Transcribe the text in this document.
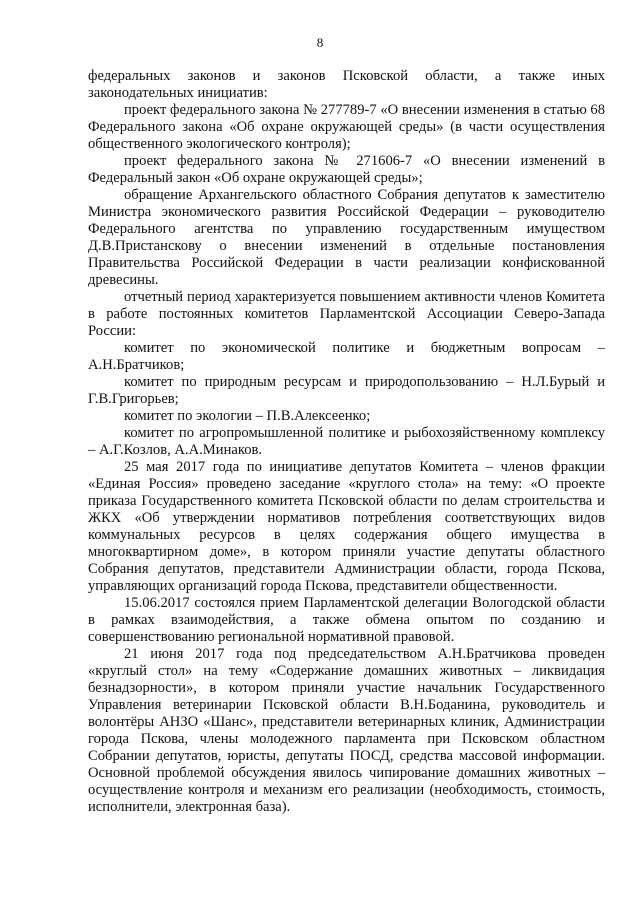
8

федеральных законов и законов Псковской области, а также иных законодательных инициатив:

проект федерального закона № 277789-7 «О внесении изменения в статью 68 Федерального закона «Об охране окружающей среды» (в части осуществления общественного экологического контроля);

проект федерального закона № 271606-7 «О внесении изменений в Федеральный закон «Об охране окружающей среды»;

обращение Архангельского областного Собрания депутатов к заместителю Министра экономического развития Российской Федерации – руководителю Федерального агентства по управлению государственным имуществом Д.В.Пристанскову о внесении изменений в отдельные постановления Правительства Российской Федерации в части реализации конфискованной древесины.

отчетный период характеризуется повышением активности членов Комитета в работе постоянных комитетов Парламентской Ассоциации Северо-Запада России:

комитет по экономической политике и бюджетным вопросам – А.Н.Братчиков;

комитет по природным ресурсам и природопользованию – Н.Л.Бурый и Г.В.Григорьев;

комитет по экологии – П.В.Алексеенко;

комитет по агропромышленной политике и рыбохозяйственному комплексу – А.Г.Козлов, А.А.Минаков.

25 мая 2017 года по инициативе депутатов Комитета – членов фракции «Единая Россия» проведено заседание «круглого стола» на тему: «О проекте приказа Государственного комитета Псковской области по делам строительства и ЖКХ «Об утверждении нормативов потребления соответствующих видов коммунальных ресурсов в целях содержания общего имущества в многоквартирном доме», в котором приняли участие депутаты областного Собрания депутатов, представители Администрации области, города Пскова, управляющих организаций города Пскова, представители общественности.

15.06.2017 состоялся прием Парламентской делегации Вологодской области в рамках взаимодействия, а также обмена опытом по созданию и совершенствованию региональной нормативной правовой.

21 июня 2017 года под председательством А.Н.Братчикова проведен «круглый стол» на тему «Содержание домашних животных – ликвидация безнадзорности», в котором приняли участие начальник Государственного Управления ветеринарии Псковской области В.Н.Боданина, руководитель и волонтёры АНЗО «Шанс», представители ветеринарных клиник, Администрации города Пскова, члены молодежного парламента при Псковском областном Собрании депутатов, юристы, депутаты ПОСД, средства массовой информации. Основной проблемой обсуждения явилось чипирование домашних животных – осуществление контроля и механизм его реализации (необходимость, стоимость, исполнители, электронная база).
